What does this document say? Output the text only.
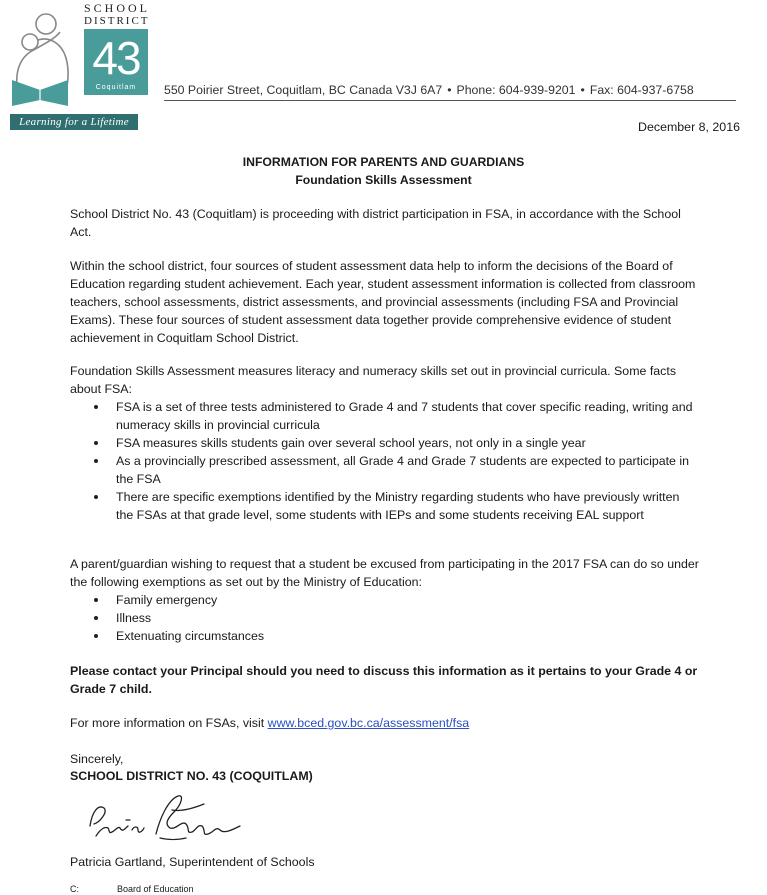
SCHOOL
DISTRICT
43
Coquitlam
Learning for a Lifetime
550 Poirier Street, Coquitlam, BC Canada V3J 6A7 • Phone: 604-939-9201 • Fax: 604-937-6758
December 8, 2016
INFORMATION FOR PARENTS AND GUARDIANS
Foundation Skills Assessment

School District No. 43 (Coquitlam) is proceeding with district participation in FSA, in accordance with the School Act.

Within the school district, four sources of student assessment data help to inform the decisions of the Board of Education regarding student achievement. Each year, student assessment information is collected from classroom teachers, school assessments, district assessments, and provincial assessments (including FSA and Provincial Exams). These four sources of student assessment data together provide comprehensive evidence of student achievement in Coquitlam School District.

Foundation Skills Assessment measures literacy and numeracy skills set out in provincial curricula. Some facts about FSA:

FSA is a set of three tests administered to Grade 4 and 7 students that cover specific reading, writing and numeracy skills in provincial curricula
FSA measures skills students gain over several school years, not only in a single year
As a provincially prescribed assessment, all Grade 4 and Grade 7 students are expected to participate in the FSA
There are specific exemptions identified by the Ministry regarding students who have previously written the FSAs at that grade level, some students with IEPs and some students receiving EAL support

A parent/guardian wishing to request that a student be excused from participating in the 2017 FSA can do so under the following exemptions as set out by the Ministry of Education:

Family emergency
Illness
Extenuating circumstances

Please contact your Principal should you need to discuss this information as it pertains to your Grade 4 or Grade 7 child.

For more information on FSAs, visit www.bced.gov.bc.ca/assessment/fsa

Sincerely,
SCHOOL DISTRICT NO. 43 (COQUITLAM)
Patricia Gartland, Superintendent of Schools
C:	Board of Education
